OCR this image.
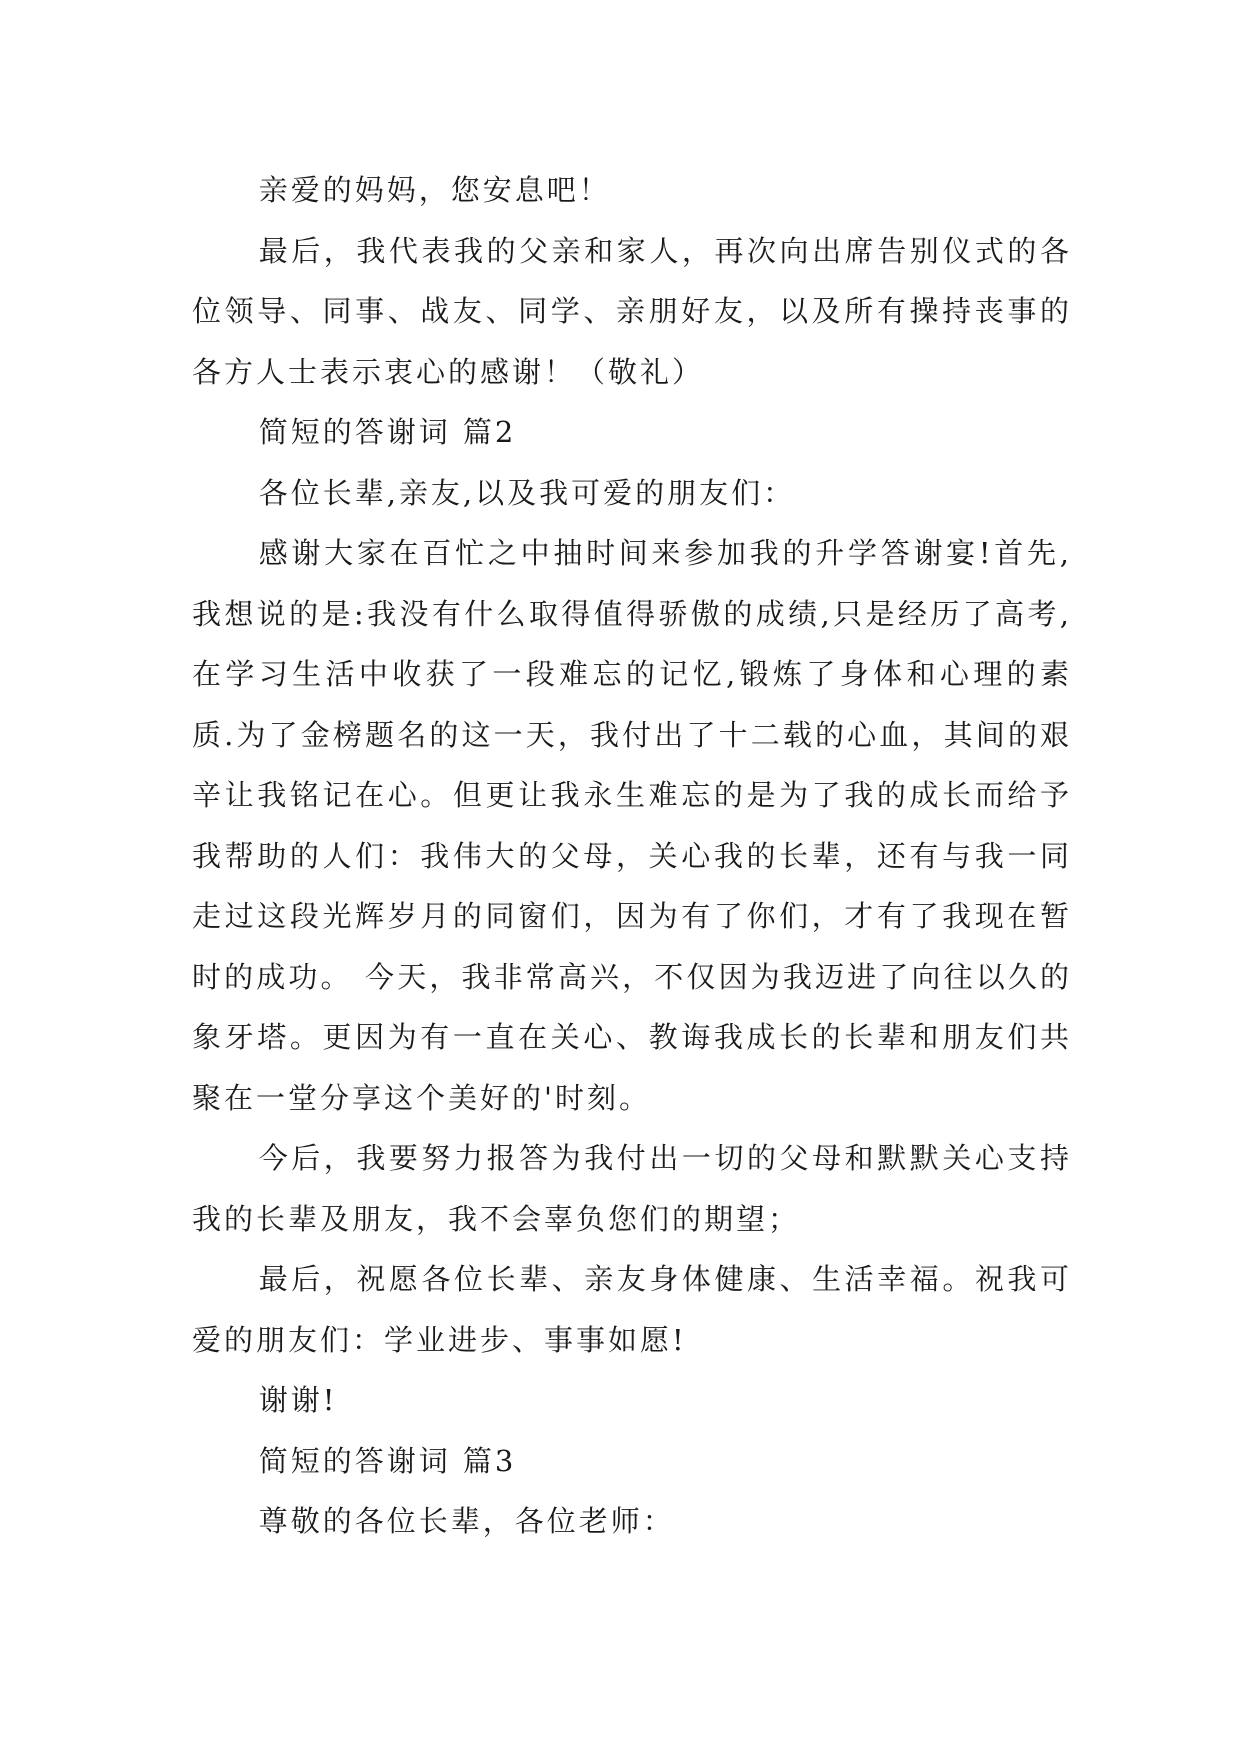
亲爱的妈妈，您安息吧！

最后，我代表我的父亲和家人，再次向出席告别仪式的各位领导、同事、战友、同学、亲朋好友，以及所有操持丧事的各方人士表示衷心的感谢！（敬礼）

简短的答谢词 篇2

各位长辈,亲友,以及我可爱的朋友们：

感谢大家在百忙之中抽时间来参加我的升学答谢宴!首先,我想说的是:我没有什么取得值得骄傲的成绩,只是经历了高考,在学习生活中收获了一段难忘的记忆,锻炼了身体和心理的素质.为了金榜题名的这一天，我付出了十二载的心血，其间的艰辛让我铭记在心。但更让我永生难忘的是为了我的成长而给予我帮助的人们：我伟大的父母，关心我的长辈，还有与我一同走过这段光辉岁月的同窗们，因为有了你们，才有了我现在暂时的成功。 今天，我非常高兴，不仅因为我迈进了向往以久的象牙塔。更因为有一直在关心、教诲我成长的长辈和朋友们共聚在一堂分享这个美好的'时刻。

今后，我要努力报答为我付出一切的父母和默默关心支持我的长辈及朋友，我不会辜负您们的期望；

最后，祝愿各位长辈、亲友身体健康、生活幸福。祝我可爱的朋友们：学业进步、事事如愿!

谢谢!

简短的答谢词 篇3

尊敬的各位长辈，各位老师：
